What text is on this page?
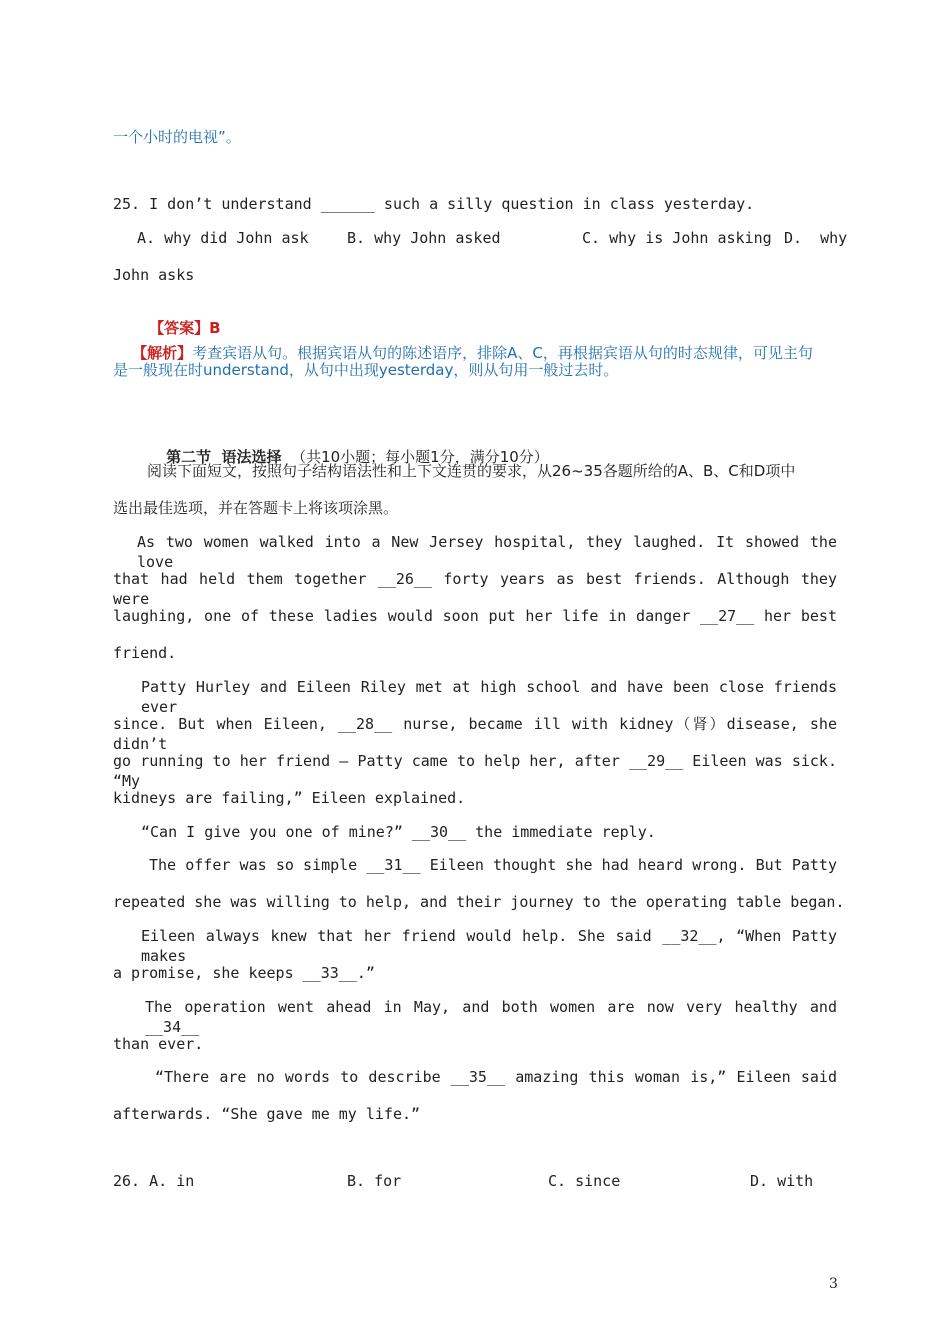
一个小时的电视”。
25. I don’t understand ______ such a silly question in class yesterday.
A. why did John ask	B. why John asked	C. why is John asking D.  why
John asks

【答案】B

【解析】考查宾语从句。根据宾语从句的陈述语序，排除A、C，再根据宾语从句的时态规律，可见主句

是一般现在时understand，从句中出现yesterday，则从句用一般过去时。

第二节  语法选择 （共10小题；每小题1分，满分10分）

阅读下面短文，按照句子结构语法性和上下文连贯的要求，从26~35各题所给的A、B、C和D项中
选出最佳选项，并在答题卡上将该项涂黑。
As two women walked into a New Jersey hospital, they laughed. It showed the love
that had held them together __26__ forty years as best friends. Although they were
laughing, one of these ladies would soon put her life in danger __27__ her best
friend.
Patty Hurley and Eileen Riley met at high school and have been close friends ever
since. But when Eileen, __28__ nurse, became ill with kidney（肾）disease, she didn’t
go running to her friend — Patty came to help her, after __29__ Eileen was sick. “My
kidneys are failing,” Eileen explained.
“Can I give you one of mine?” __30__ the immediate reply.
The offer was so simple __31__ Eileen thought she had heard wrong. But Patty
repeated she was willing to help, and their journey to the operating table began.
Eileen always knew that her friend would help. She said __32__, “When Patty makes
a promise, she keeps __33__.”
The operation went ahead in May, and both women are now very healthy and __34__
than ever.
“There are no words to describe __35__ amazing this woman is,” Eileen said
afterwards. “She gave me my life.”
26. A. in	B. for	C. since	D. with
3
